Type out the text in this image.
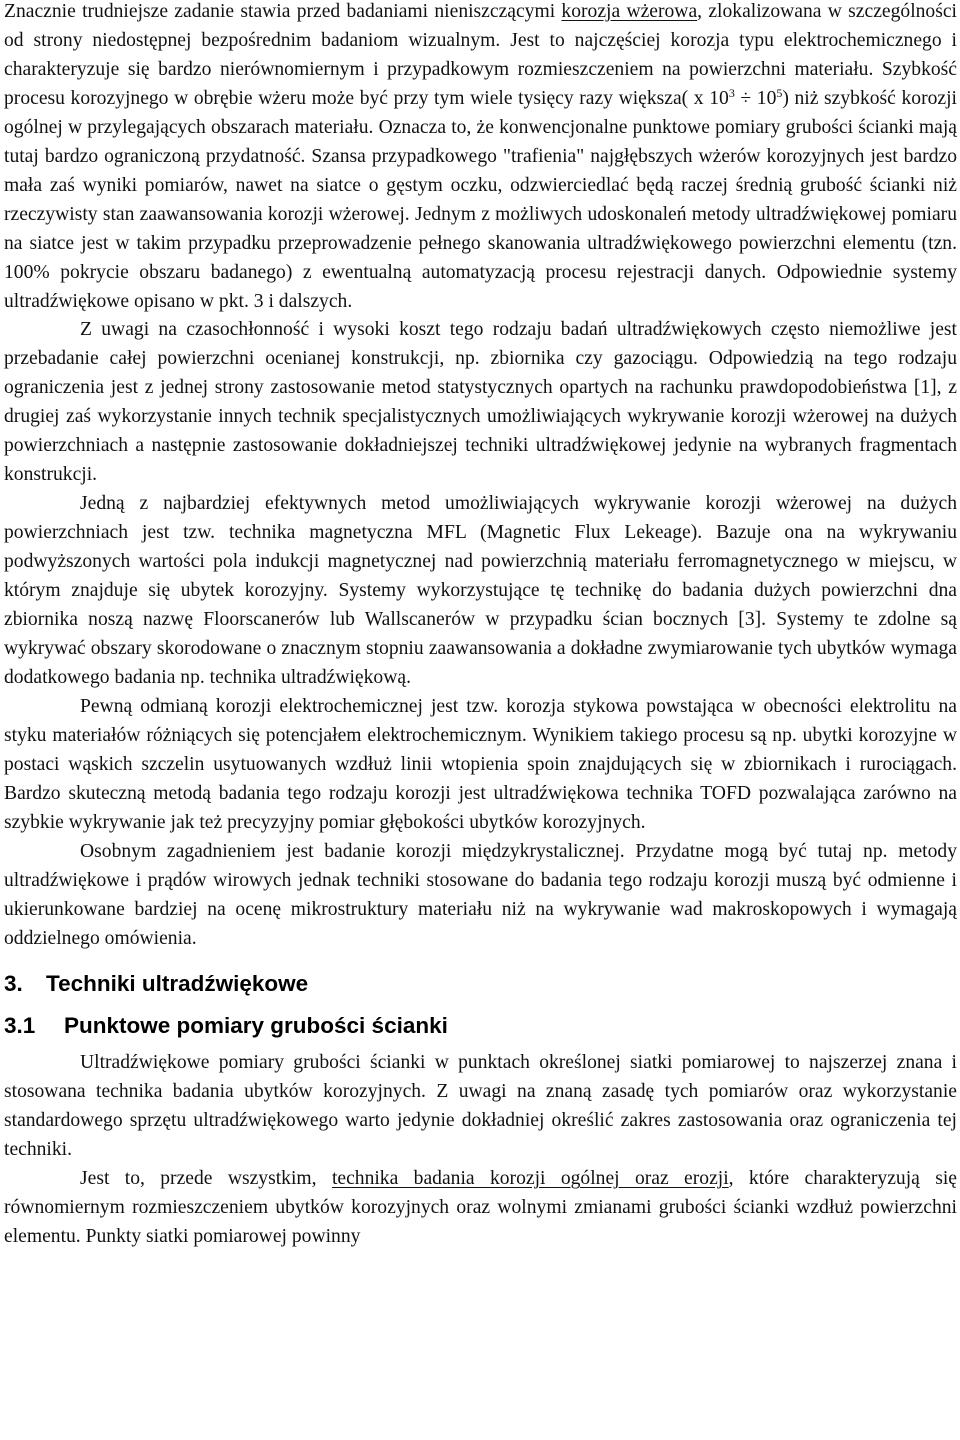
Znacznie trudniejsze zadanie stawia przed badaniami nieniszczącymi korozja wżerowa, zlokalizowana w szczególności od strony niedostępnej bezpośrednim badaniom wizualnym. Jest to najczęściej korozja typu elektrochemicznego i charakteryzuje się bardzo nierównomiernym i przypadkowym rozmieszczeniem na powierzchni materiału. Szybkość procesu korozyjnego w obrębie wżeru może być przy tym wiele tysięcy razy większa( x $10^3 \div 10^5$) niż szybkość korozji ogólnej w przylegających obszarach materiału. Oznacza to, że konwencjonalne punktowe pomiary grubości ścianki mają tutaj bardzo ograniczoną przydatność. Szansa przypadkowego "trafienia" najgłębszych wżerów korozyjnych jest bardzo mała zaś wyniki pomiarów, nawet na siatce o gęstym oczku, odzwierciedlać będą raczej średnią grubość ścianki niż rzeczywisty stan zaawansowania korozji wżerowej. Jednym z możliwych udoskonaleń metody ultradźwiękowej pomiaru na siatce jest w takim przypadku przeprowadzenie pełnego skanowania ultradźwiękowego powierzchni elementu (tzn. 100% pokrycie obszaru badanego) z ewentualną automatyzacją procesu rejestracji danych. Odpowiednie systemy ultradźwiękowe opisano w pkt. 3 i dalszych.

Z uwagi na czasochłonność i wysoki koszt tego rodzaju badań ultradźwiękowych często niemożliwe jest przebadanie całej powierzchni ocenianej konstrukcji, np. zbiornika czy gazociągu. Odpowiedzią na tego rodzaju ograniczenia jest z jednej strony zastosowanie metod statystycznych opartych na rachunku prawdopodobieństwa [1], z drugiej zaś wykorzystanie innych technik specjalistycznych umożliwiających wykrywanie korozji wżerowej na dużych powierzchniach a następnie zastosowanie dokładniejszej techniki ultradźwiękowej jedynie na wybranych fragmentach konstrukcji.

Jedną z najbardziej efektywnych metod umożliwiających wykrywanie korozji wżerowej na dużych powierzchniach jest tzw. technika magnetyczna MFL (Magnetic Flux Lekeage). Bazuje ona na wykrywaniu podwyższonych wartości pola indukcji magnetycznej nad powierzchnią materiału ferromagnetycznego w miejscu, w którym znajduje się ubytek korozyjny. Systemy wykorzystujące tę technikę do badania dużych powierzchni dna zbiornika noszą nazwę Floorscanerów lub Wallscanerów w przypadku ścian bocznych [3]. Systemy te zdolne są wykrywać obszary skorodowane o znacznym stopniu zaawansowania a dokładne zwymiarowanie tych ubytków wymaga dodatkowego badania np. technika ultradźwiękową.

Pewną odmianą korozji elektrochemicznej jest tzw. korozja stykowa powstająca w obecności elektrolitu na styku materiałów różniących się potencjałem elektrochemicznym. Wynikiem takiego procesu są np. ubytki korozyjne w postaci wąskich szczelin usytuowanych wzdłuż linii wtopienia spoin znajdujących się w zbiornikach i rurociągach. Bardzo skuteczną metodą badania tego rodzaju korozji jest ultradźwiękowa technika TOFD pozwalająca zarówno na szybkie wykrywanie jak też precyzyjny pomiar głębokości ubytków korozyjnych.

Osobnym zagadnieniem jest badanie korozji międzykrystalicznej. Przydatne mogą być tutaj np. metody ultradźwiękowe i prądów wirowych jednak techniki stosowane do badania tego rodzaju korozji muszą być odmienne i ukierunkowane bardziej na ocenę mikrostruktury materiału niż na wykrywanie wad makroskopowych i wymagają oddzielnego omówienia.

3. Techniki ultradźwiękowe
3.1 Punktowe pomiary grubości ścianki

Ultradźwiękowe pomiary grubości ścianki w punktach określonej siatki pomiarowej to najszerzej znana i stosowana technika badania ubytków korozyjnych. Z uwagi na znaną zasadę tych pomiarów oraz wykorzystanie standardowego sprzętu ultradźwiękowego warto jedynie dokładniej określić zakres zastosowania oraz ograniczenia tej techniki.

Jest to, przede wszystkim, technika badania korozji ogólnej oraz erozji, które charakteryzują się równomiernym rozmieszczeniem ubytków korozyjnych oraz wolnymi zmianami grubości ścianki wzdłuż powierzchni elementu. Punkty siatki pomiarowej powinny
